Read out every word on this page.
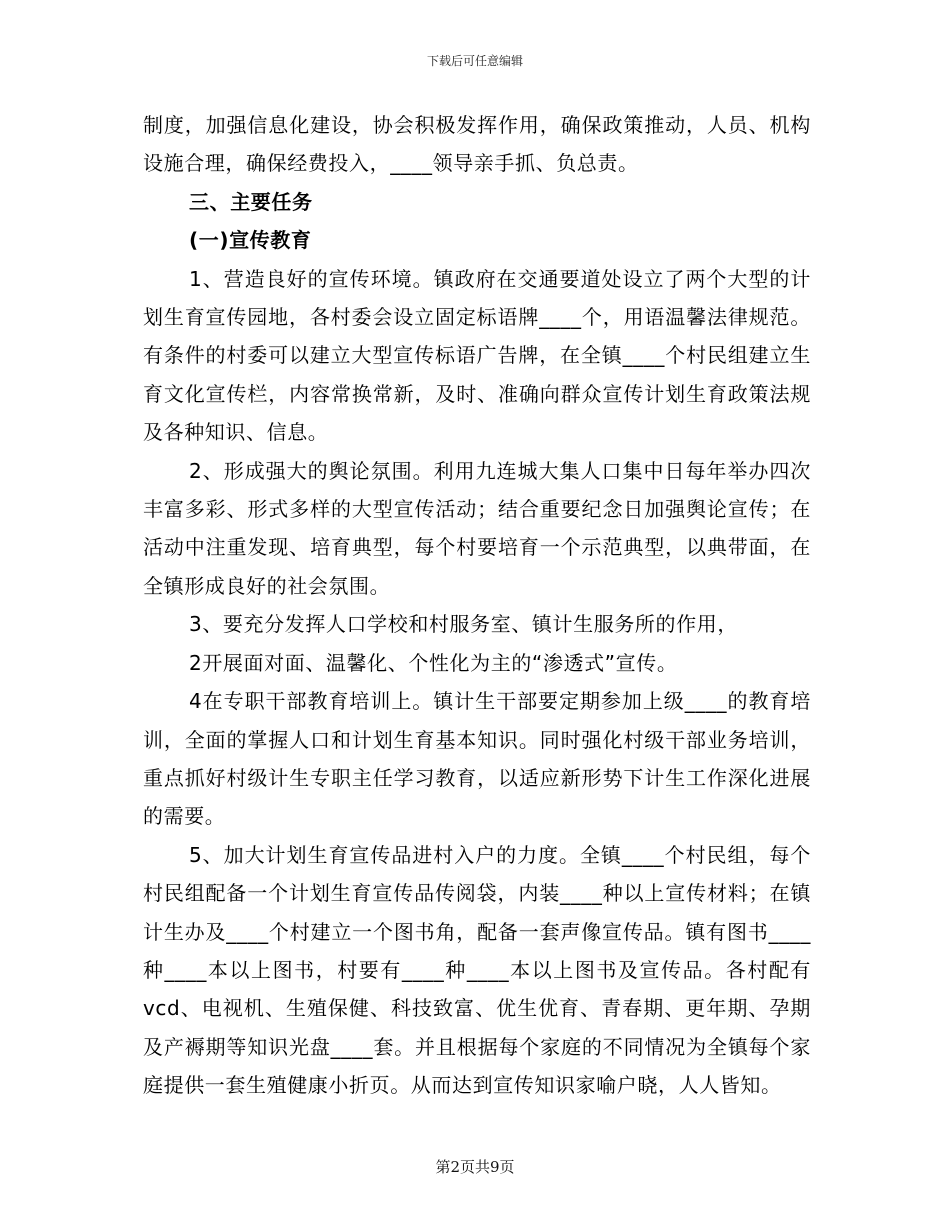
下载后可任意编辑

制度，加强信息化建设，协会积极发挥作用，确保政策推动，人员、机构设施合理，确保经费投入，____领导亲手抓、负总责。

三、主要任务

(一)宣传教育

1、营造良好的宣传环境。镇政府在交通要道处设立了两个大型的计划生育宣传园地，各村委会设立固定标语牌____个，用语温馨法律规范。有条件的村委可以建立大型宣传标语广告牌，在全镇____个村民组建立生育文化宣传栏，内容常换常新，及时、准确向群众宣传计划生育政策法规及各种知识、信息。

2、形成强大的舆论氛围。利用九连城大集人口集中日每年举办四次丰富多彩、形式多样的大型宣传活动；结合重要纪念日加强舆论宣传；在活动中注重发现、培育典型，每个村要培育一个示范典型，以典带面，在全镇形成良好的社会氛围。

3、要充分发挥人口学校和村服务室、镇计生服务所的作用，

2开展面对面、温馨化、个性化为主的“渗透式”宣传。

4在专职干部教育培训上。镇计生干部要定期参加上级____的教育培训，全面的掌握人口和计划生育基本知识。同时强化村级干部业务培训，重点抓好村级计生专职主任学习教育，以适应新形势下计生工作深化进展的需要。

5、加大计划生育宣传品进村入户的力度。全镇____个村民组，每个村民组配备一个计划生育宣传品传阅袋，内装____种以上宣传材料；在镇计生办及____个村建立一个图书角，配备一套声像宣传品。镇有图书____种____本以上图书，村要有____种____本以上图书及宣传品。各村配有vcd、电视机、生殖保健、科技致富、优生优育、青春期、更年期、孕期及产褥期等知识光盘____套。并且根据每个家庭的不同情况为全镇每个家庭提供一套生殖健康小折页。从而达到宣传知识家喻户晓，人人皆知。

第2页共9页
